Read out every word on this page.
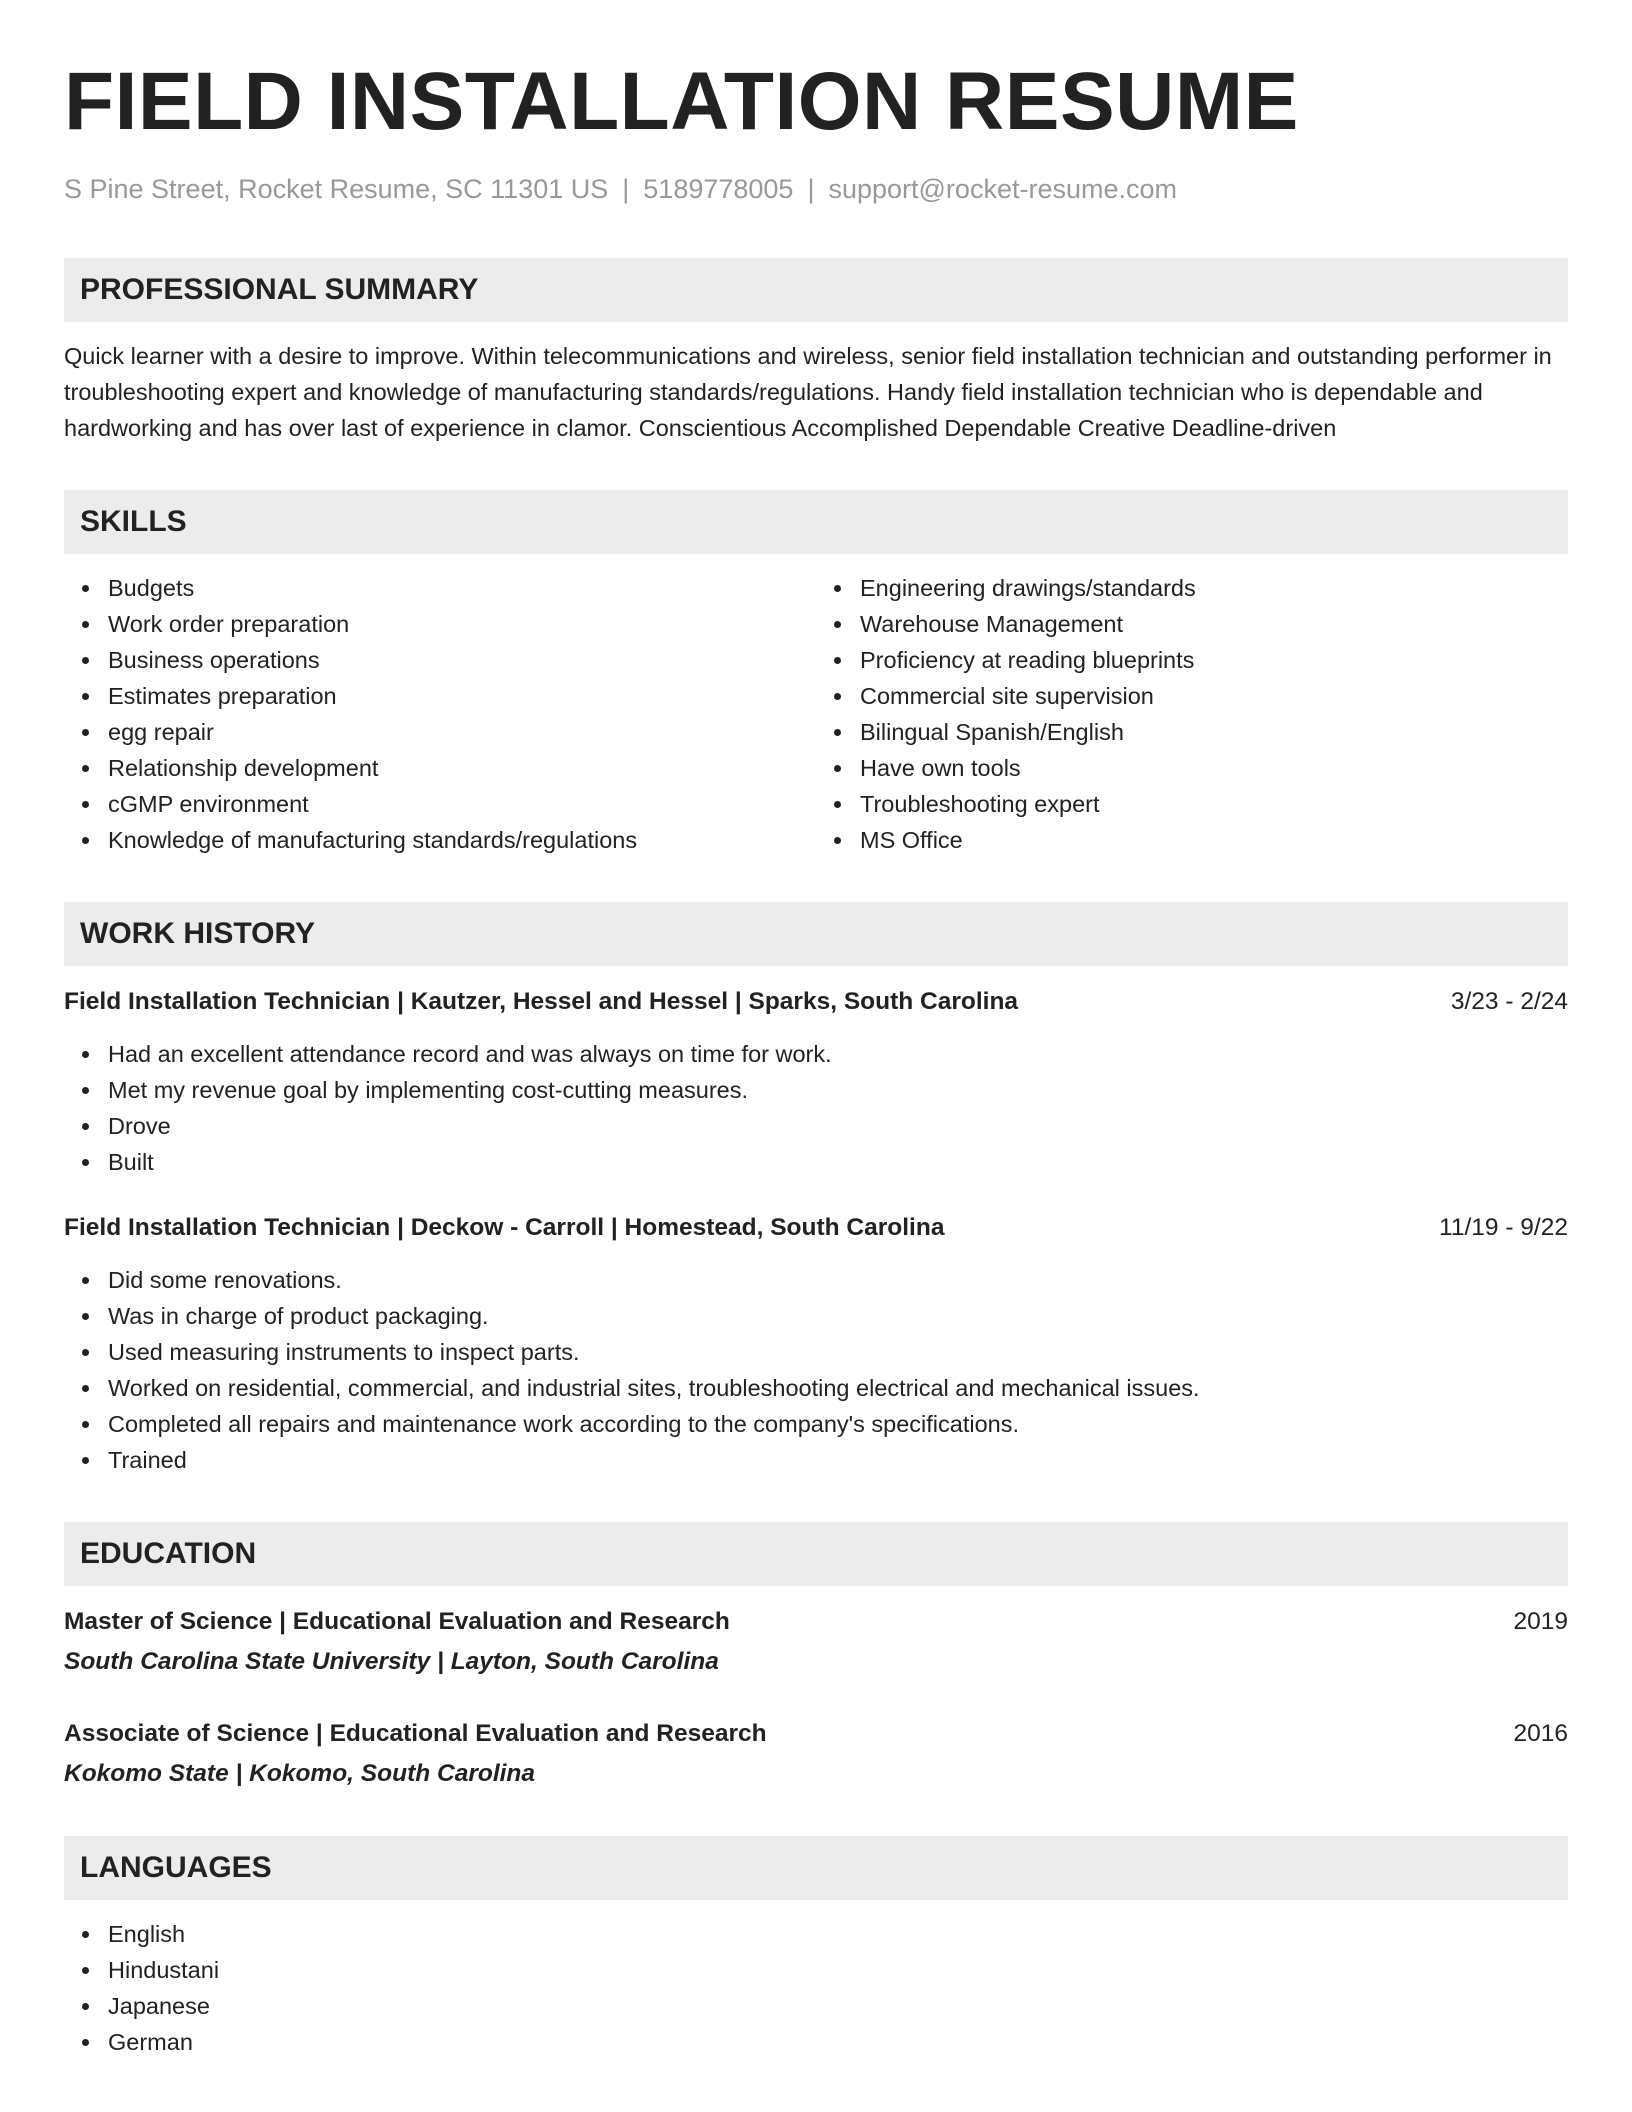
FIELD INSTALLATION RESUME
S Pine Street, Rocket Resume, SC 11301 US | 5189778005 | support@rocket-resume.com
PROFESSIONAL SUMMARY
Quick learner with a desire to improve. Within telecommunications and wireless, senior field installation technician and outstanding performer in troubleshooting expert and knowledge of manufacturing standards/regulations. Handy field installation technician who is dependable and hardworking and has over last of experience in clamor. Conscientious Accomplished Dependable Creative Deadline-driven
SKILLS
Budgets
Work order preparation
Business operations
Estimates preparation
egg repair
Relationship development
cGMP environment
Knowledge of manufacturing standards/regulations
Engineering drawings/standards
Warehouse Management
Proficiency at reading blueprints
Commercial site supervision
Bilingual Spanish/English
Have own tools
Troubleshooting expert
MS Office
WORK HISTORY
Field Installation Technician | Kautzer, Hessel and Hessel | Sparks, South Carolina	3/23 - 2/24
Had an excellent attendance record and was always on time for work.
Met my revenue goal by implementing cost-cutting measures.
Drove
Built
Field Installation Technician | Deckow - Carroll | Homestead, South Carolina	11/19 - 9/22
Did some renovations.
Was in charge of product packaging.
Used measuring instruments to inspect parts.
Worked on residential, commercial, and industrial sites, troubleshooting electrical and mechanical issues.
Completed all repairs and maintenance work according to the company's specifications.
Trained
EDUCATION
Master of Science | Educational Evaluation and Research	2019
South Carolina State University | Layton, South Carolina
Associate of Science | Educational Evaluation and Research	2016
Kokomo State | Kokomo, South Carolina
LANGUAGES
English
Hindustani
Japanese
German
